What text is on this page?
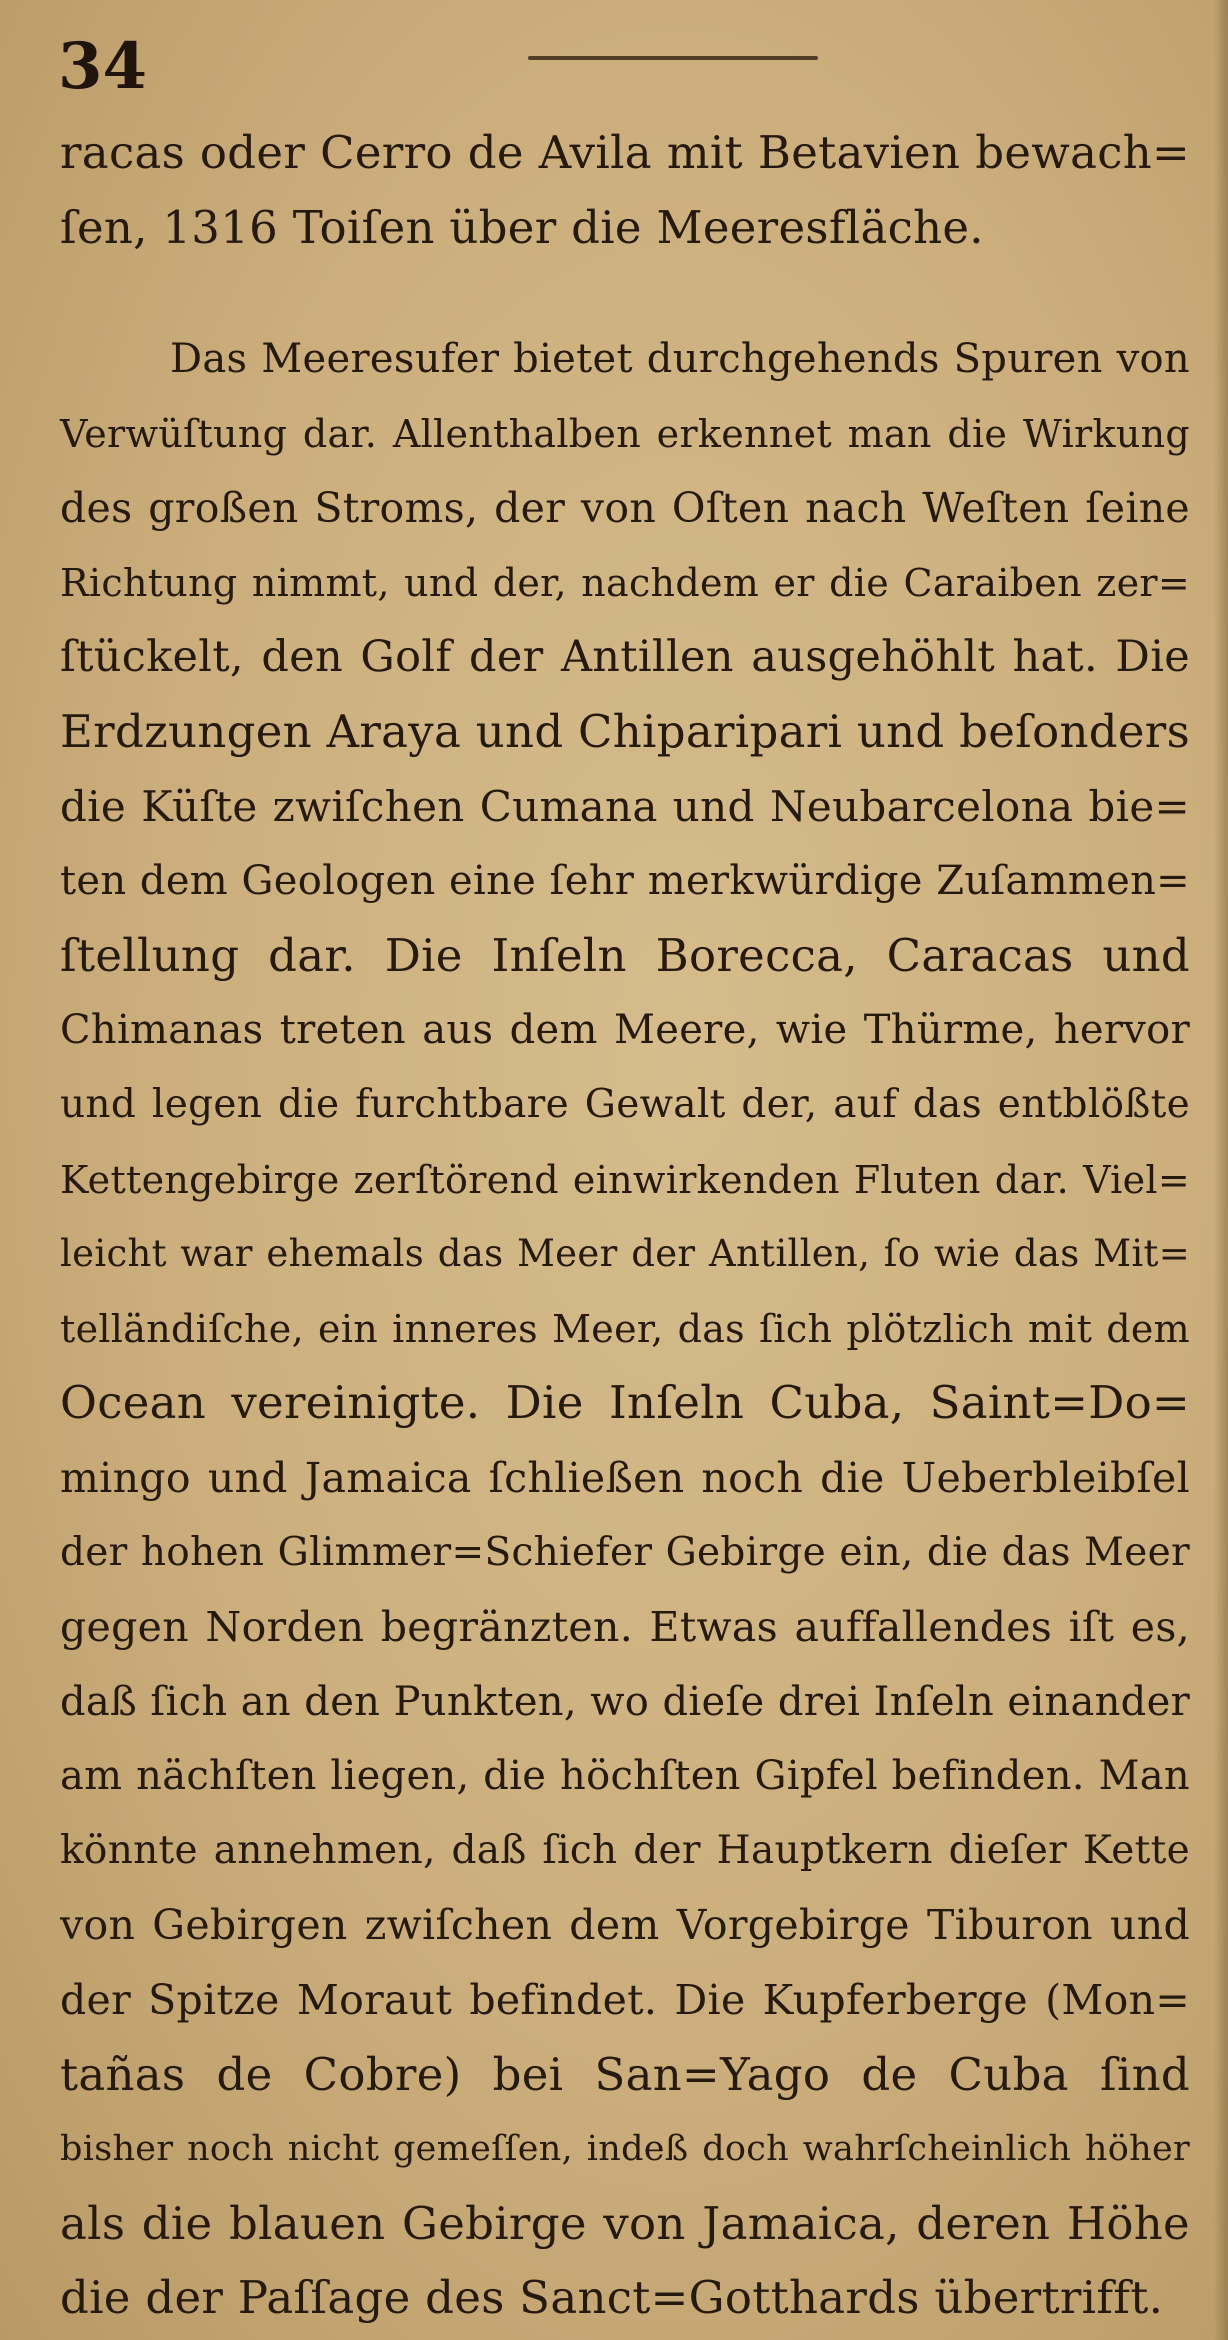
34
racas oder Cerro de Avila mit Betavien bewach=
ſen, 1316 Toiſen über die Meeresfläche.
Das Meeresufer bietet durchgehends Spuren von
Verwüſtung dar. Allenthalben erkennet man die Wirkung
des großen Stroms, der von Oſten nach Weſten ſeine
Richtung nimmt, und der, nachdem er die Caraiben zer=
ſtückelt, den Golf der Antillen ausgehöhlt hat. Die
Erdzungen Araya und Chiparipari und beſonders
die Küſte zwiſchen Cumana und Neubarcelona bie=
ten dem Geologen eine ſehr merkwürdige Zuſammen=
ſtellung dar. Die Inſeln Borecca, Caracas und
Chimanas treten aus dem Meere, wie Thürme, hervor
und legen die furchtbare Gewalt der, auf das entblößte
Kettengebirge zerſtörend einwirkenden Fluten dar. Viel=
leicht war ehemals das Meer der Antillen, ſo wie das Mit=
telländiſche, ein inneres Meer, das ſich plötzlich mit dem
Ocean vereinigte. Die Inſeln Cuba, Saint=Do=
mingo und Jamaica ſchließen noch die Ueberbleibſel
der hohen Glimmer=Schiefer Gebirge ein, die das Meer
gegen Norden begränzten. Etwas auffallendes iſt es,
daß ſich an den Punkten, wo dieſe drei Inſeln einander
am nächſten liegen, die höchſten Gipfel befinden. Man
könnte annehmen, daß ſich der Hauptkern dieſer Kette
von Gebirgen zwiſchen dem Vorgebirge Tiburon und
der Spitze Moraut befindet. Die Kupferberge (Mon=
tañas de Cobre) bei San=Yago de Cuba ſind
bisher noch nicht gemeſſen, indeß doch wahrſcheinlich höher
als die blauen Gebirge von Jamaica, deren Höhe
die der Paſſage des Sanct=Gotthards übertrifft.
